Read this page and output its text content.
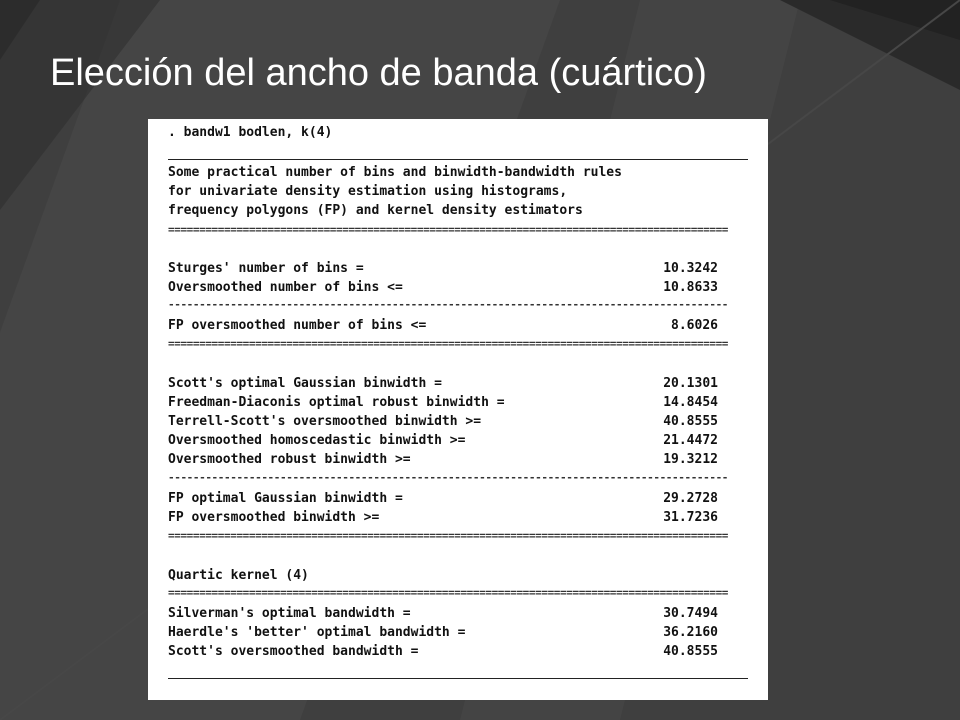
Elección del ancho de banda (cuártico)
. bandw1 bodlen, k(4)
Some practical number of bins and binwidth-bandwidth rules
for univariate density estimation using histograms,
frequency polygons (FP) and kernel density estimators
==========================================================================================
Sturges' number of bins =	10.3242
Oversmoothed number of bins <=	10.8633
------------------------------------------------------------------------------------------
FP oversmoothed number of bins <=	8.6026
==========================================================================================
Scott's optimal Gaussian binwidth =	20.1301
Freedman-Diaconis optimal robust binwidth =	14.8454
Terrell-Scott's oversmoothed binwidth >=	40.8555
Oversmoothed homoscedastic binwidth >=	21.4472
Oversmoothed robust binwidth >=	19.3212
------------------------------------------------------------------------------------------
FP optimal Gaussian binwidth =	29.2728
FP oversmoothed binwidth >=	31.7236
==========================================================================================
Quartic kernel (4)
==========================================================================================
Silverman's optimal bandwidth =	30.7494
Haerdle's 'better' optimal bandwidth =	36.2160
Scott's oversmoothed bandwidth =	40.8555
